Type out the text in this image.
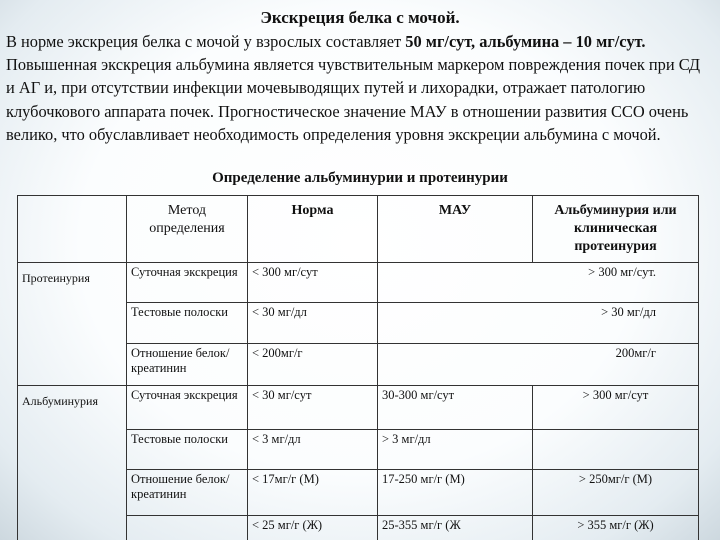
Экскреция белка с мочой.

В норме экскреция белка с мочой у взрослых составляет 50 мг/сут, альбумина – 10 мг/сут. Повышенная экскреция альбумина является чувствительным маркером повреждения почек при СД и АГ и, при отсутствии инфекции мочевыводящих путей и лихорадки, отражает патологию клубочкового аппарата почек. Прогностическое значение МАУ в отношении развития ССО очень велико, что обуславливает необходимость определения уровня экскреции альбумина с мочой.

Определение альбуминурии и протеинурии
	Метод определения	Норма	МАУ	Альбуминурия или клиническая протеинурия
Протеинурия	Суточная экскреция	< 300 мг/сут	> 300 мг/сут.	
	Тестовые полоски	< 30 мг/дл	> 30 мг/дл	
	Отношение белок/ креатинин	< 200мг/г	200мг/г	
Альбуминурия	Суточная экскреция	< 30 мг/сут	30-300 мг/сут	> 300 мг/сут
	Тестовые полоски	< 3 мг/дл	> 3 мг/дл	
	Отношение белок/ креатинин	< 17мг/г (М)	17-250 мг/г (М)	> 250мг/г (М)
		< 25 мг/г (Ж)	25-355 мг/г (Ж	> 355 мг/г (Ж)
